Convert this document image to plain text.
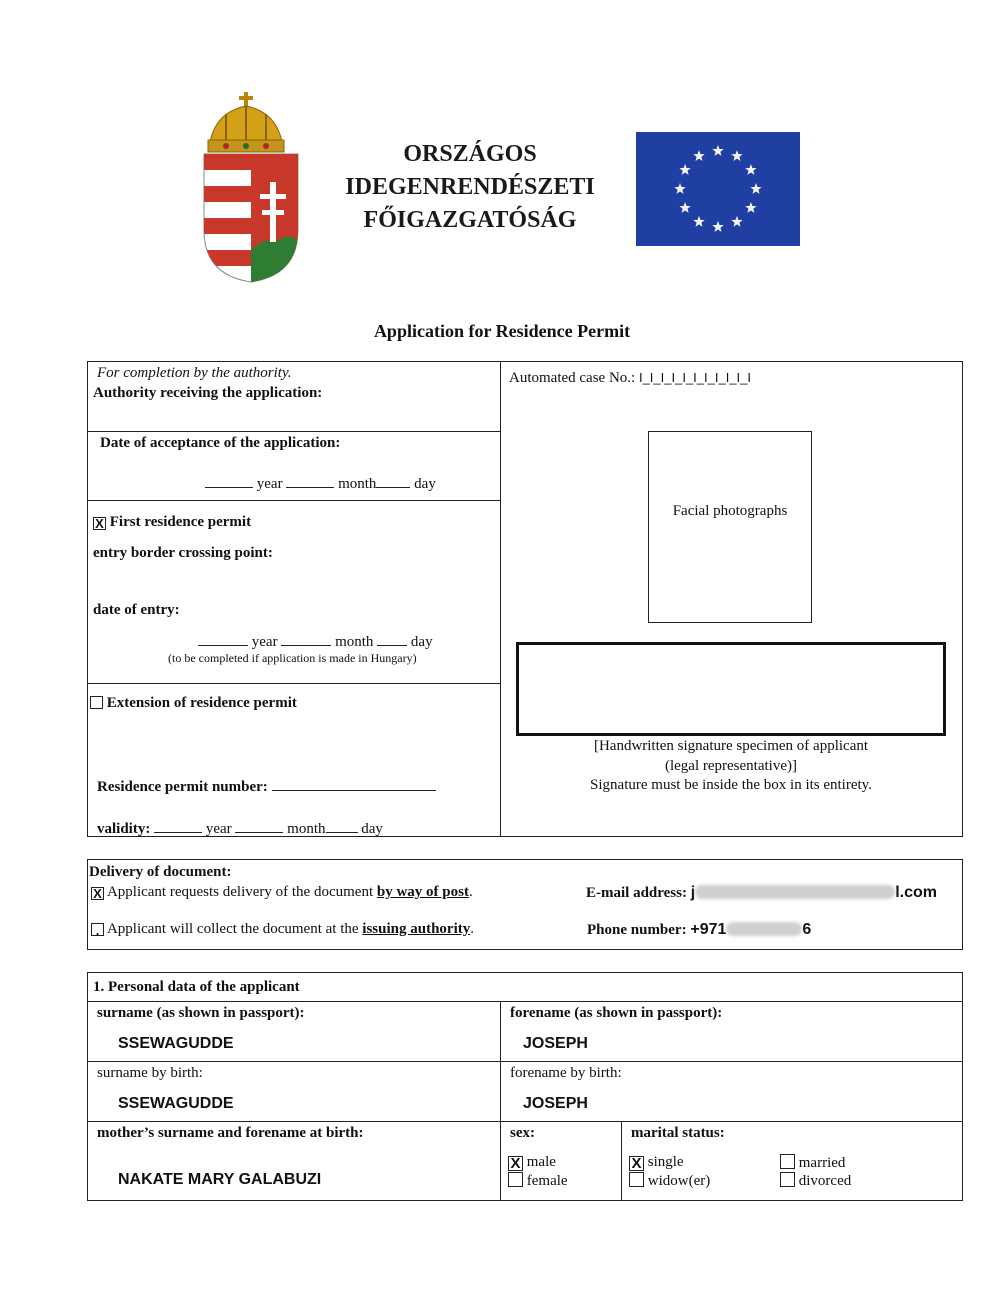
ORSZÁGOS
IDEGENRENDÉSZETI
FŐIGAZGATÓSÁG
Application for Residence Permit
For completion by the authority.
Authority receiving the application:
Date of acceptance of the application:
year	month	day
X First residence permit
entry border crossing point:
date of entry:
year	month	day
(to be completed if application is made in Hungary)
Extension of residence permit
Residence permit number:
validity:	year	month day
Automated case No.: I_I_I_I_I_I_I_I_I_I_I
Facial photographs
[Handwritten signature specimen of applicant
(legal representative)]
Signature must be inside the box in its entirety.
Delivery of document:
X Applicant requests delivery of the document by way of post.
. Applicant will collect the document at the issuing authority.
E-mail address: j	l.com
Phone number: +971	6
1. Personal data of the applicant
surname (as shown in passport):
SSEWAGUDDE
forename (as shown in passport):
JOSEPH
surname by birth:
SSEWAGUDDE
forename by birth:
JOSEPH
mother’s surname and forename at birth:
NAKATE MARY GALABUZI
sex:
X male
female
marital status:
X single
widow(er)
married
divorced
